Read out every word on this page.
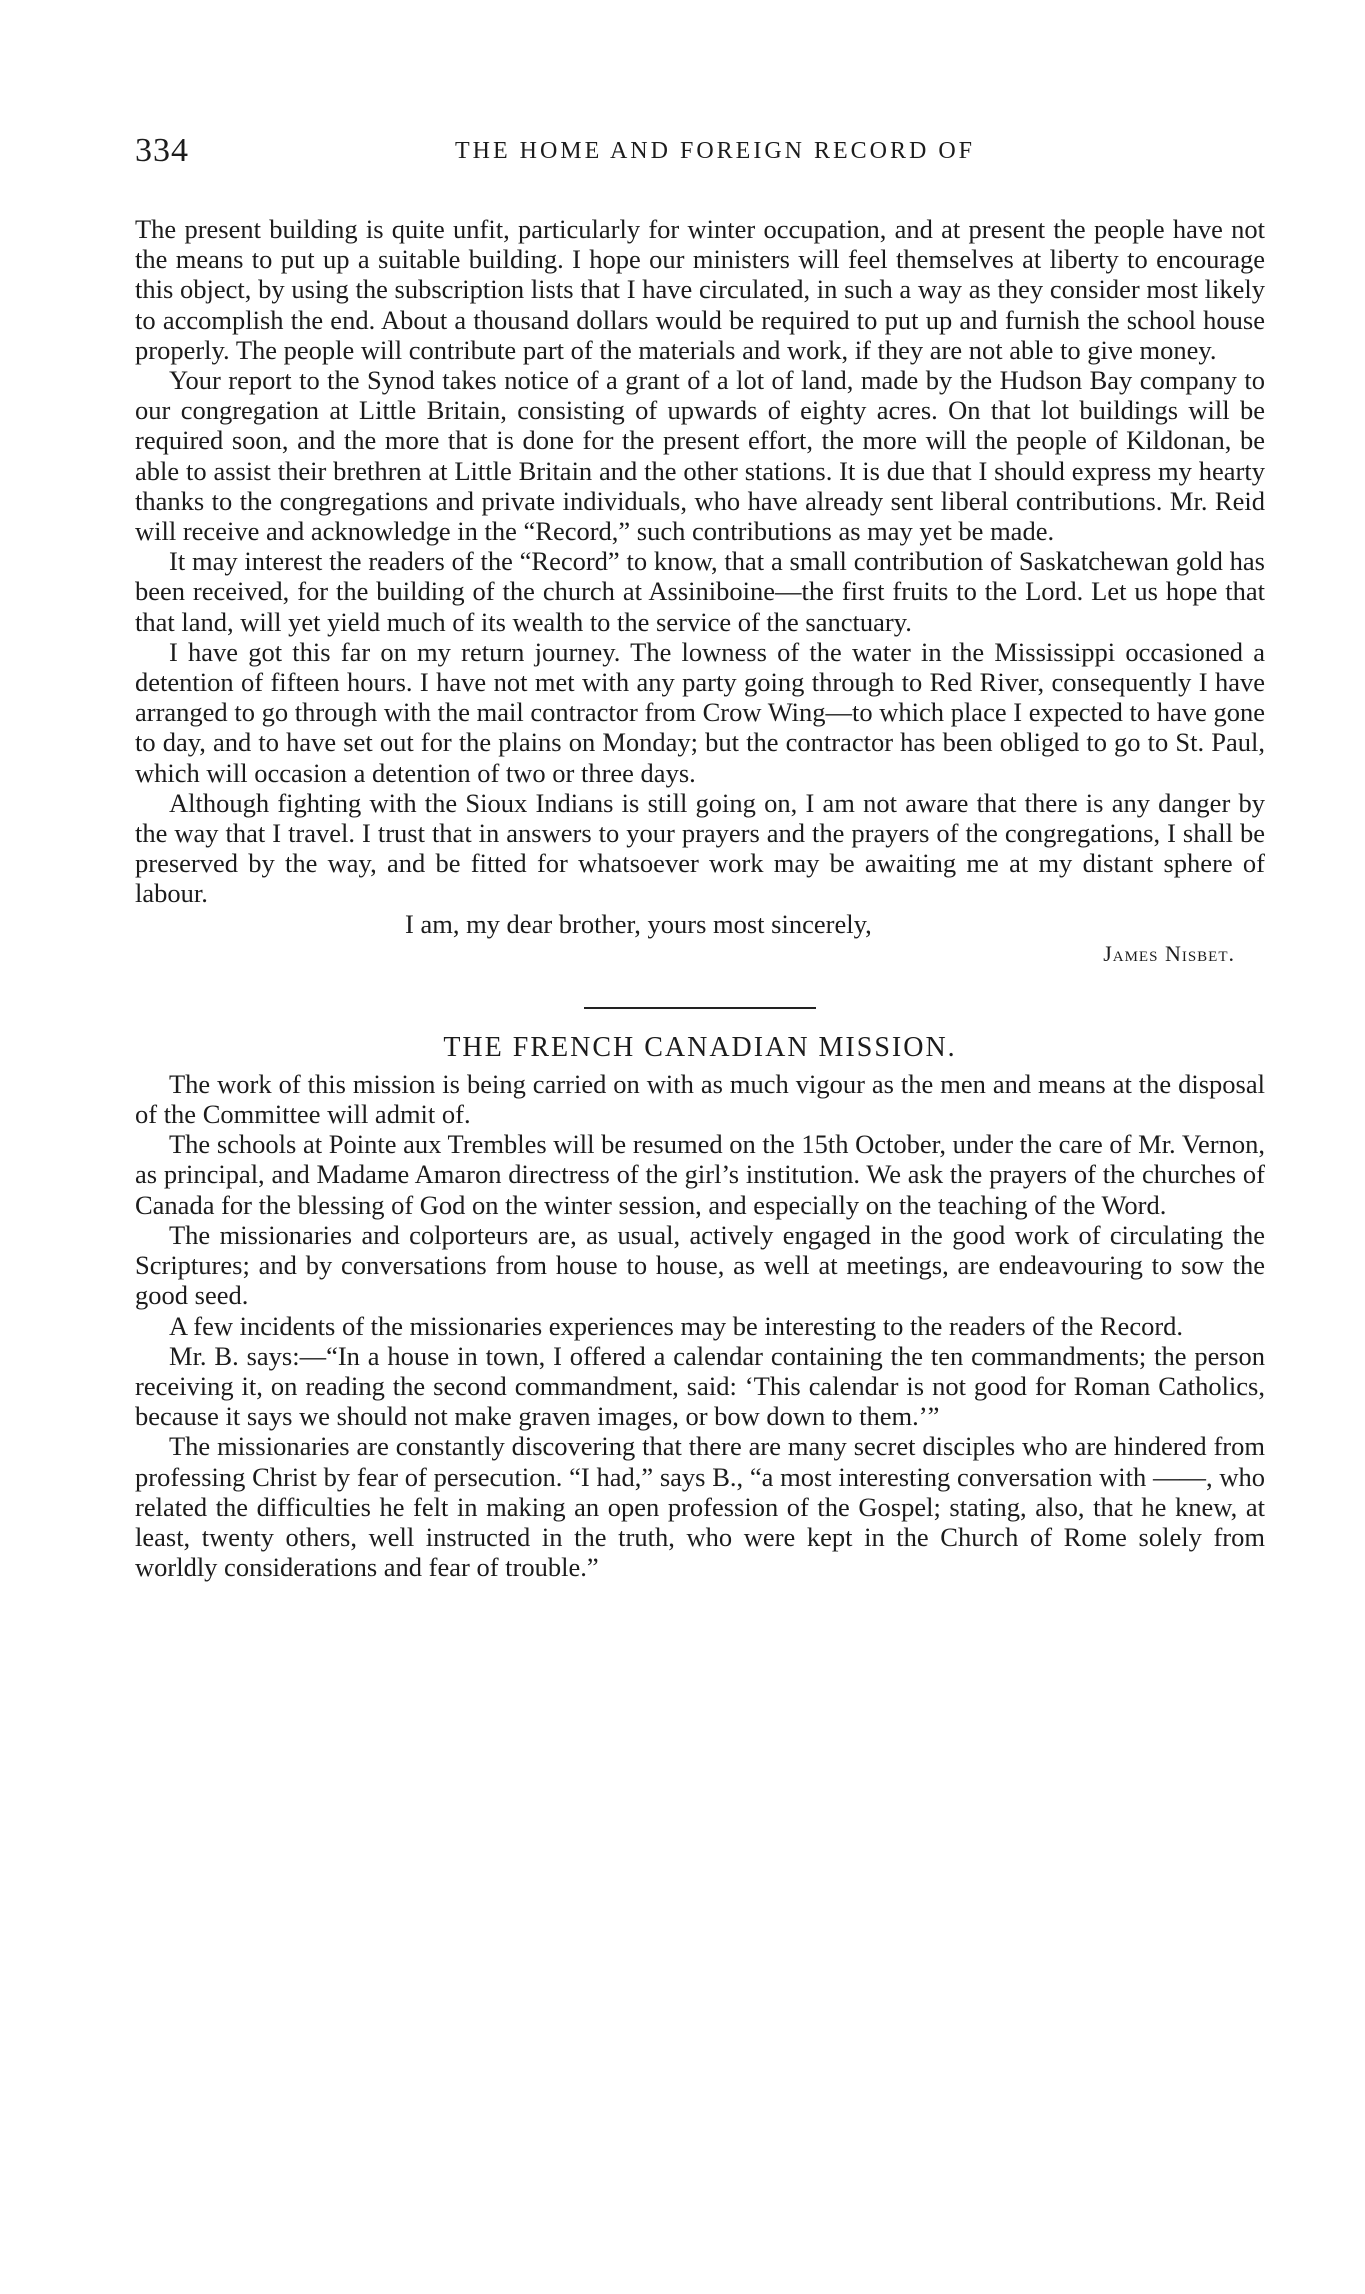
334	THE HOME AND FOREIGN RECORD OF

The present building is quite unfit, particularly for winter occupation, and at present the people have not the means to put up a suitable building. I hope our ministers will feel themselves at liberty to encourage this object, by using the subscription lists that I have circulated, in such a way as they consider most likely to accomplish the end. About a thousand dollars would be required to put up and furnish the school house properly. The people will contribute part of the materials and work, if they are not able to give money.

Your report to the Synod takes notice of a grant of a lot of land, made by the Hudson Bay company to our congregation at Little Britain, consisting of upwards of eighty acres. On that lot buildings will be required soon, and the more that is done for the present effort, the more will the people of Kildonan, be able to assist their brethren at Little Britain and the other stations. It is due that I should express my hearty thanks to the congregations and private individuals, who have already sent liberal contributions. Mr. Reid will receive and acknowledge in the “Record,” such contributions as may yet be made.

It may interest the readers of the “Record” to know, that a small contribution of Saskatchewan gold has been received, for the building of the church at Assiniboine—the first fruits to the Lord. Let us hope that that land, will yet yield much of its wealth to the service of the sanctuary.

I have got this far on my return journey. The lowness of the water in the Mississippi occasioned a detention of fifteen hours. I have not met with any party going through to Red River, consequently I have arranged to go through with the mail contractor from Crow Wing—to which place I expected to have gone to day, and to have set out for the plains on Monday; but the contractor has been obliged to go to St. Paul, which will occasion a detention of two or three days.

Although fighting with the Sioux Indians is still going on, I am not aware that there is any danger by the way that I travel. I trust that in answers to your prayers and the prayers of the congregations, I shall be preserved by the way, and be fitted for whatsoever work may be awaiting me at my distant sphere of labour.

I am, my dear brother, yours most sincerely,

James Nisbet.

THE FRENCH CANADIAN MISSION.

The work of this mission is being carried on with as much vigour as the men and means at the disposal of the Committee will admit of.

The schools at Pointe aux Trembles will be resumed on the 15th October, under the care of Mr. Vernon, as principal, and Madame Amaron directress of the girl’s institution. We ask the prayers of the churches of Canada for the blessing of God on the winter session, and especially on the teaching of the Word.

The missionaries and colporteurs are, as usual, actively engaged in the good work of circulating the Scriptures; and by conversations from house to house, as well at meetings, are endeavouring to sow the good seed.

A few incidents of the missionaries experiences may be interesting to the readers of the Record.

Mr. B. says:—“In a house in town, I offered a calendar containing the ten commandments; the person receiving it, on reading the second commandment, said: ‘This calendar is not good for Roman Catholics, because it says we should not make graven images, or bow down to them.’”

The missionaries are constantly discovering that there are many secret disciples who are hindered from professing Christ by fear of persecution. “I had,” says B., “a most interesting conversation with ——, who related the difficulties he felt in making an open profession of the Gospel; stating, also, that he knew, at least, twenty others, well instructed in the truth, who were kept in the Church of Rome solely from worldly considerations and fear of trouble.”
